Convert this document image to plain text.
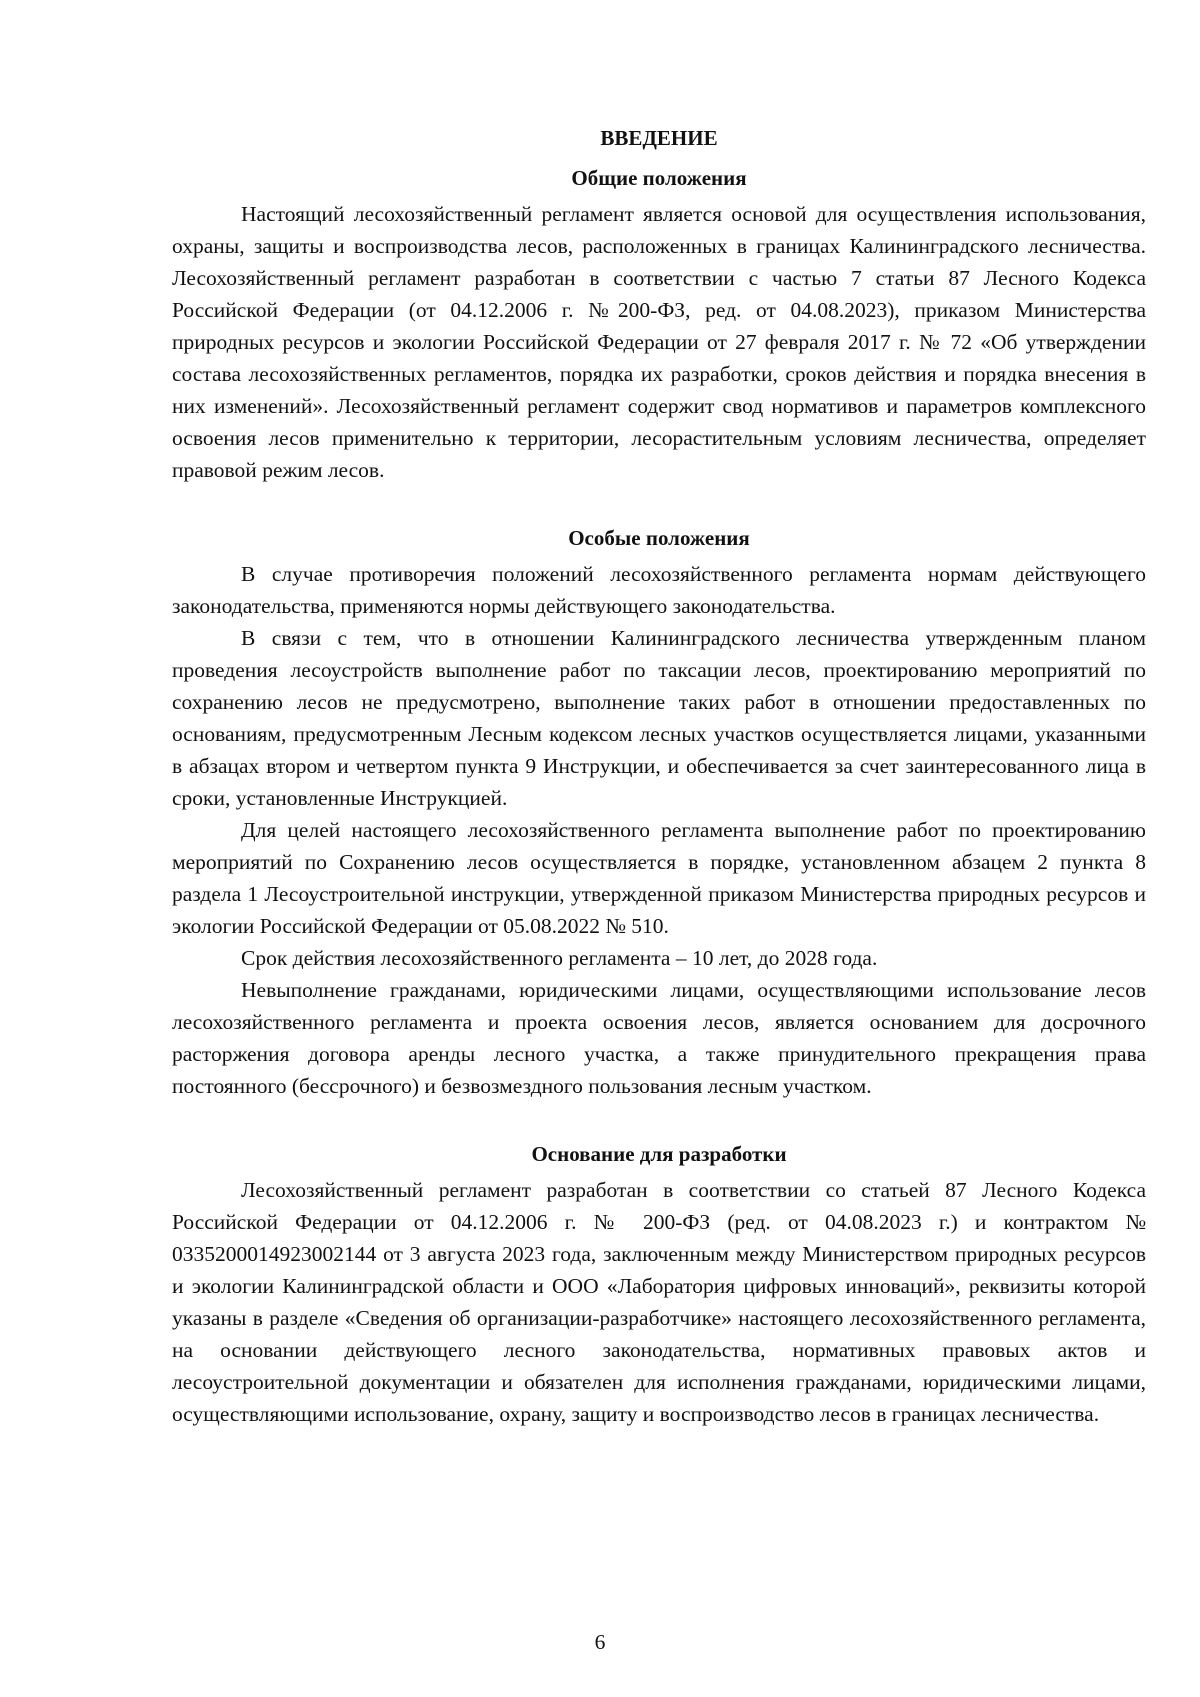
ВВЕДЕНИЕ
Общие положения

Настоящий лесохозяйственный регламент является основой для осуществления использования, охраны, защиты и воспроизводства лесов, расположенных в границах Калининградского лесничества. Лесохозяйственный регламент разработан в соответствии с частью 7 статьи 87 Лесного Кодекса Российской Федерации (от 04.12.2006 г. №200-ФЗ, ред. от 04.08.2023), приказом Министерства природных ресурсов и экологии Российской Федерации от 27 февраля 2017 г. № 72 «Об утверждении состава лесохозяйственных регламентов, порядка их разработки, сроков действия и порядка внесения в них изменений». Лесохозяйственный регламент содержит свод нормативов и параметров комплексного освоения лесов применительно к территории, лесорастительным условиям лесничества, определяет правовой режим лесов.

Особые положения

В случае противоречия положений лесохозяйственного регламента нормам действующего законодательства, применяются нормы действующего законодательства.

В связи с тем, что в отношении Калининградского лесничества утвержденным планом проведения лесоустройств выполнение работ по таксации лесов, проектированию мероприятий по сохранению лесов не предусмотрено, выполнение таких работ в отношении предоставленных по основаниям, предусмотренным Лесным кодексом лесных участков осуществляется лицами, указанными в абзацах втором и четвертом пункта 9 Инструкции, и обеспечивается за счет заинтересованного лица в сроки, установленные Инструкцией.

Для целей настоящего лесохозяйственного регламента выполнение работ по проектированию мероприятий по Сохранению лесов осуществляется в порядке, установленном абзацем 2 пункта 8 раздела 1 Лесоустроительной инструкции, утвержденной приказом Министерства природных ресурсов и экологии Российской Федерации от 05.08.2022 № 510.

Срок действия лесохозяйственного регламента – 10 лет, до 2028 года.

Невыполнение гражданами, юридическими лицами, осуществляющими использование лесов лесохозяйственного регламента и проекта освоения лесов, является основанием для досрочного расторжения договора аренды лесного участка, а также принудительного прекращения права постоянного (бессрочного) и безвозмездного пользования лесным участком.

Основание для разработки

Лесохозяйственный регламент разработан в соответствии со статьей 87 Лесного Кодекса Российской Федерации от 04.12.2006 г. № 200-ФЗ (ред. от 04.08.2023 г.) и контрактом № 0335200014923002144 от 3 августа 2023 года, заключенным между Министерством природных ресурсов и экологии Калининградской области и ООО «Лаборатория цифровых инноваций», реквизиты которой указаны в разделе «Сведения об организации-разработчике» настоящего лесохозяйственного регламента, на основании действующего лесного законодательства, нормативных правовых актов и лесоустроительной документации и обязателен для исполнения гражданами, юридическими лицами, осуществляющими использование, охрану, защиту и воспроизводство лесов в границах лесничества.

6
